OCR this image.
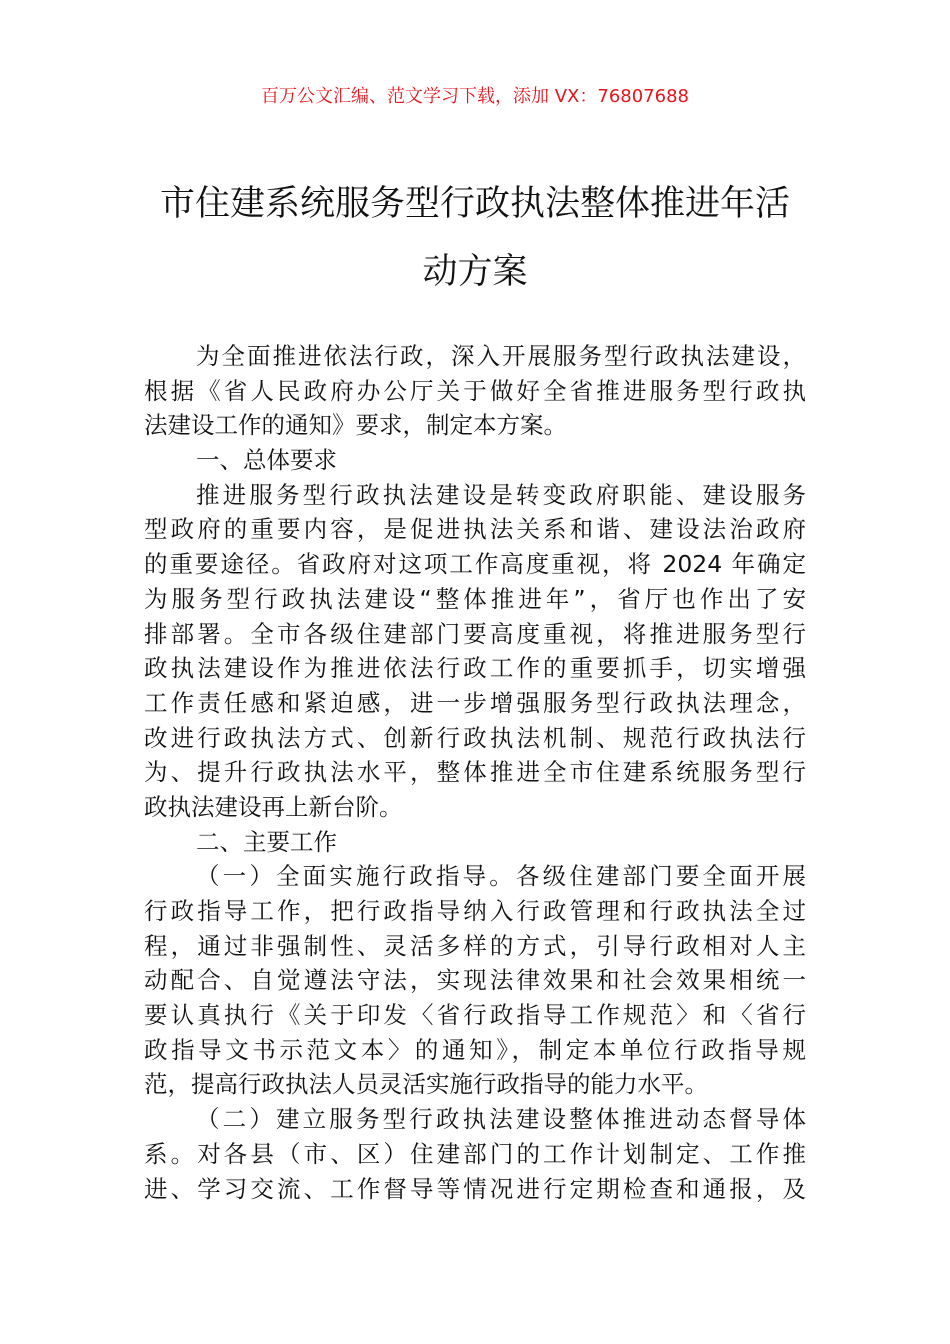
百万公文汇编、范文学习下载，添加 VX：76807688
市住建系统服务型行政执法整体推进年活
动方案
为全面推进依法行政，深入开展服务型行政执法建设，
根据《省人民政府办公厅关于做好全省推进服务型行政执
法建设工作的通知》要求，制定本方案。
一、总体要求
推进服务型行政执法建设是转变政府职能、建设服务
型政府的重要内容，是促进执法关系和谐、建设法治政府
的重要途径。省政府对这项工作高度重视，将 2024 年确定
为服务型行政执法建设“整体推进年”，省厅也作出了安
排部署。全市各级住建部门要高度重视，将推进服务型行
政执法建设作为推进依法行政工作的重要抓手，切实增强
工作责任感和紧迫感，进一步增强服务型行政执法理念，
改进行政执法方式、创新行政执法机制、规范行政执法行
为、提升行政执法水平，整体推进全市住建系统服务型行
政执法建设再上新台阶。
二、主要工作
（一）全面实施行政指导。各级住建部门要全面开展
行政指导工作，把行政指导纳入行政管理和行政执法全过
程，通过非强制性、灵活多样的方式，引导行政相对人主
动配合、自觉遵法守法，实现法律效果和社会效果相统一
要认真执行《关于印发〈省行政指导工作规范〉和〈省行
政指导文书示范文本〉的通知》，制定本单位行政指导规
范，提高行政执法人员灵活实施行政指导的能力水平。
（二）建立服务型行政执法建设整体推进动态督导体
系。对各县（市、区）住建部门的工作计划制定、工作推
进、学习交流、工作督导等情况进行定期检查和通报，及
